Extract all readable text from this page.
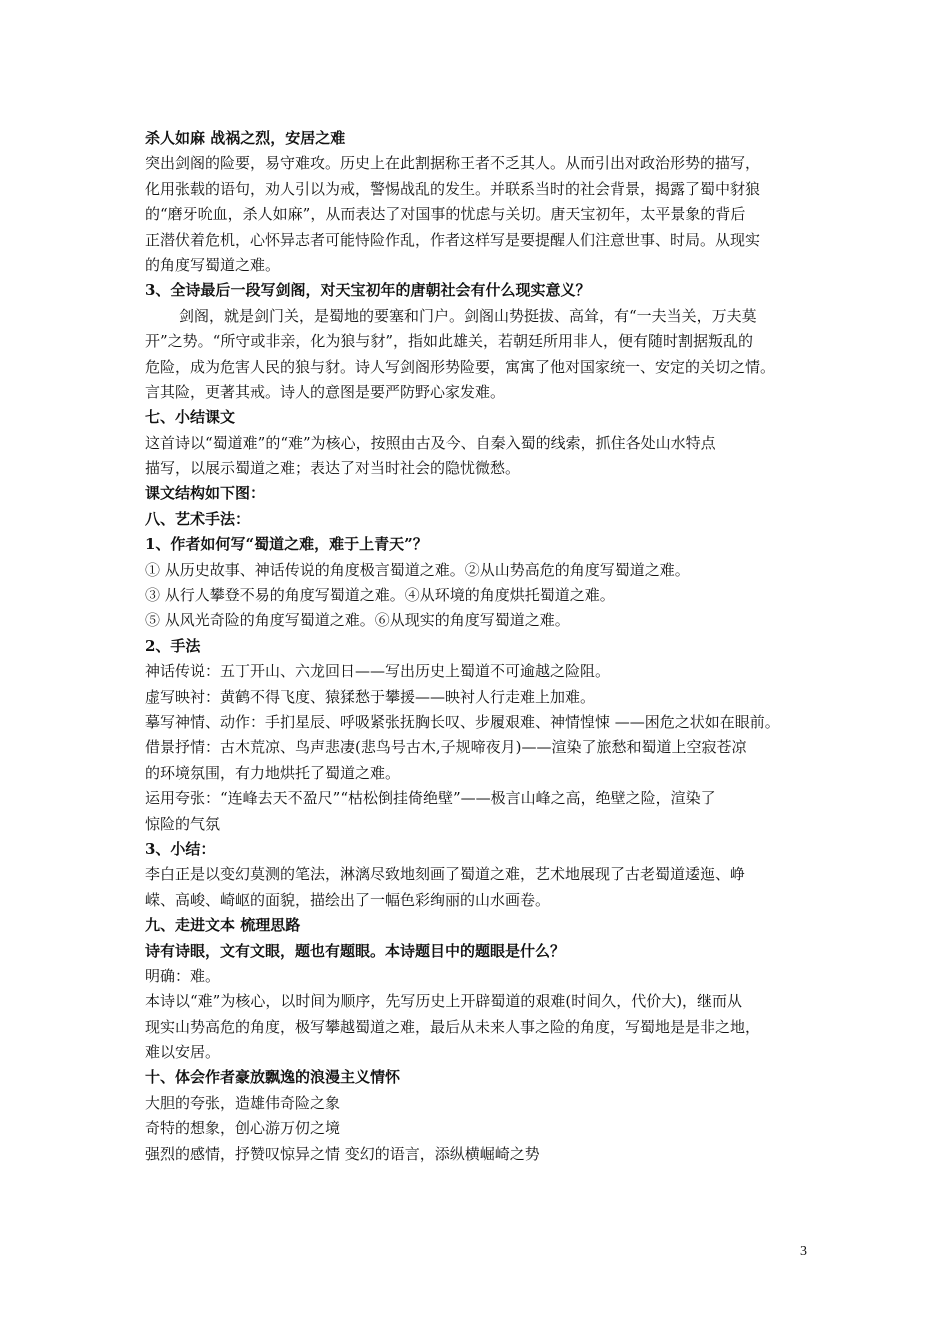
杀人如麻 战祸之烈，安居之难
突出剑阁的险要，易守难攻。历史上在此割据称王者不乏其人。从而引出对政治形势的描写，
化用张载的语句，劝人引以为戒，警惕战乱的发生。并联系当时的社会背景，揭露了蜀中豺狼
的“磨牙吮血，杀人如麻”，从而表达了对国事的忧虑与关切。唐天宝初年，太平景象的背后
正潜伏着危机，心怀异志者可能恃险作乱，作者这样写是要提醒人们注意世事、时局。从现实
的角度写蜀道之难。
3、全诗最后一段写剑阁，对天宝初年的唐朝社会有什么现实意义？
剑阁，就是剑门关，是蜀地的要塞和门户。剑阁山势挺拔、高耸，有“一夫当关，万夫莫
开”之势。“所守或非亲，化为狼与豺”，指如此雄关，若朝廷所用非人，便有随时割据叛乱的
危险，成为危害人民的狼与豺。诗人写剑阁形势险要，寓寓了他对国家统一、安定的关切之情。
言其险，更著其戒。诗人的意图是要严防野心家发难。
七、小结课文
这首诗以“蜀道难”的“难”为核心，按照由古及今、自秦入蜀的线索，抓住各处山水特点
描写，以展示蜀道之难；表达了对当时社会的隐忧微愁。
课文结构如下图：
八、艺术手法：
1、作者如何写“蜀道之难，难于上青天”？
① 从历史故事、神话传说的角度极言蜀道之难。②从山势高危的角度写蜀道之难。
③ 从行人攀登不易的角度写蜀道之难。④从环境的角度烘托蜀道之难。
⑤ 从风光奇险的角度写蜀道之难。⑥从现实的角度写蜀道之难。
2、手法
神话传说：五丁开山、六龙回日——写出历史上蜀道不可逾越之险阻。
虚写映衬：黄鹤不得飞度、猿猱愁于攀援——映衬人行走难上加难。
摹写神情、动作：手扪星辰、呼吸紧张抚胸长叹、步履艰难、神情惶悚 ——困危之状如在眼前。
借景抒情：古木荒凉、鸟声悲凄(悲鸟号古木,子规啼夜月)——渲染了旅愁和蜀道上空寂苍凉
的环境氛围，有力地烘托了蜀道之难。
运用夸张：“连峰去天不盈尺”“枯松倒挂倚绝壁”——极言山峰之高，绝壁之险，渲染了
惊险的气氛
3、小结：
李白正是以变幻莫测的笔法，淋漓尽致地刻画了蜀道之难，艺术地展现了古老蜀道逶迤、峥
嵘、高峻、崎岖的面貌，描绘出了一幅色彩绚丽的山水画卷。
九、走进文本 梳理思路
诗有诗眼，文有文眼，题也有题眼。本诗题目中的题眼是什么？
明确：难。
本诗以“难”为核心，以时间为顺序，先写历史上开辟蜀道的艰难(时间久，代价大)，继而从
现实山势高危的角度，极写攀越蜀道之难，最后从未来人事之险的角度，写蜀地是是非之地，
难以安居。
十、体会作者豪放飘逸的浪漫主义情怀
大胆的夸张，造雄伟奇险之象
奇特的想象，创心游万仞之境
强烈的感情，抒赞叹惊异之情 变幻的语言，添纵横崛崎之势
3
